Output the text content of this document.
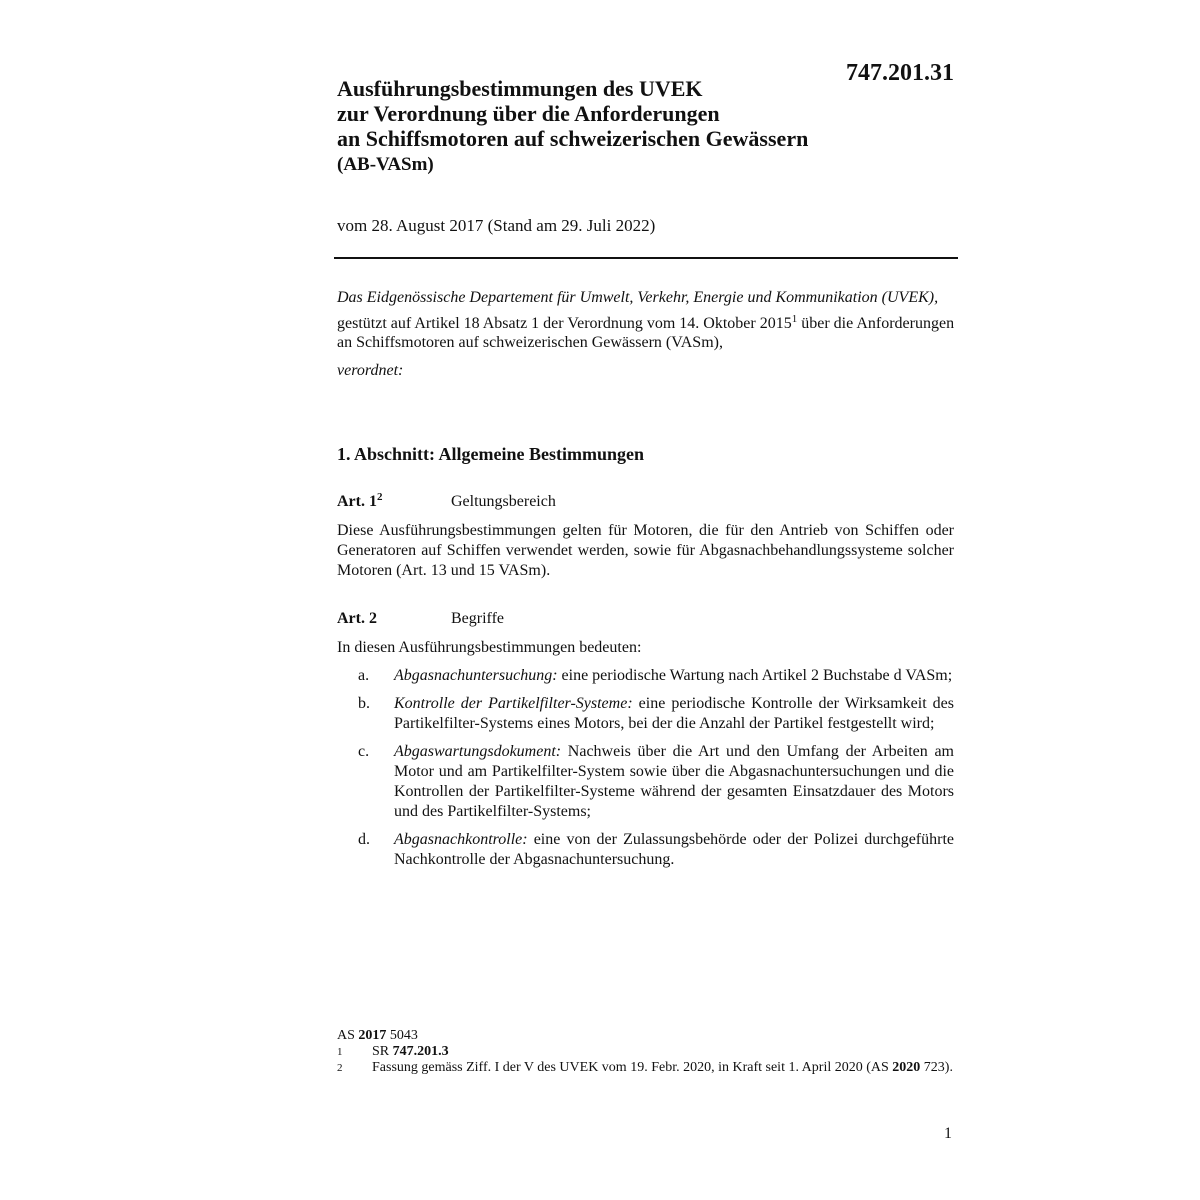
747.201.31
Ausführungsbestimmungen des UVEK
zur Verordnung über die Anforderungen
an Schiffsmotoren auf schweizerischen Gewässern
(AB-VASm)
vom 28. August 2017 (Stand am 29. Juli 2022)
Das Eidgenössische Departement für Umwelt, Verkehr, Energie und Kommunikation (UVEK),
gestützt auf Artikel 18 Absatz 1 der Verordnung vom 14. Oktober 2015$^1$ über die Anforderungen an Schiffsmotoren auf schweizerischen Gewässern (VASm),
verordnet:
1. Abschnitt: Allgemeine Bestimmungen
Art. $1^2$	Geltungsbereich
Diese Ausführungsbestimmungen gelten für Motoren, die für den Antrieb von Schiffen oder Generatoren auf Schiffen verwendet werden, sowie für Abgasnachbehandlungssysteme solcher Motoren (Art. 13 und 15 VASm).
Art. 2	Begriffe
In diesen Ausführungsbestimmungen bedeuten:
a.	Abgasnachuntersuchung: eine periodische Wartung nach Artikel 2 Buchstabe d VASm;
b.	Kontrolle der Partikelfilter-Systeme: eine periodische Kontrolle der Wirksamkeit des Partikelfilter-Systems eines Motors, bei der die Anzahl der Partikel festgestellt wird;
c.	Abgaswartungsdokument: Nachweis über die Art und den Umfang der Arbeiten am Motor und am Partikelfilter-System sowie über die Abgasnachuntersuchungen und die Kontrollen der Partikelfilter-Systeme während der gesamten Einsatzdauer des Motors und des Partikelfilter-Systems;
d.	Abgasnachkontrolle: eine von der Zulassungsbehörde oder der Polizei durchgeführte Nachkontrolle der Abgasnachuntersuchung.
AS 2017 5043
1	SR 747.201.3
2	Fassung gemäss Ziff. I der V des UVEK vom 19. Febr. 2020, in Kraft seit 1. April 2020 (AS 2020 723).
1
